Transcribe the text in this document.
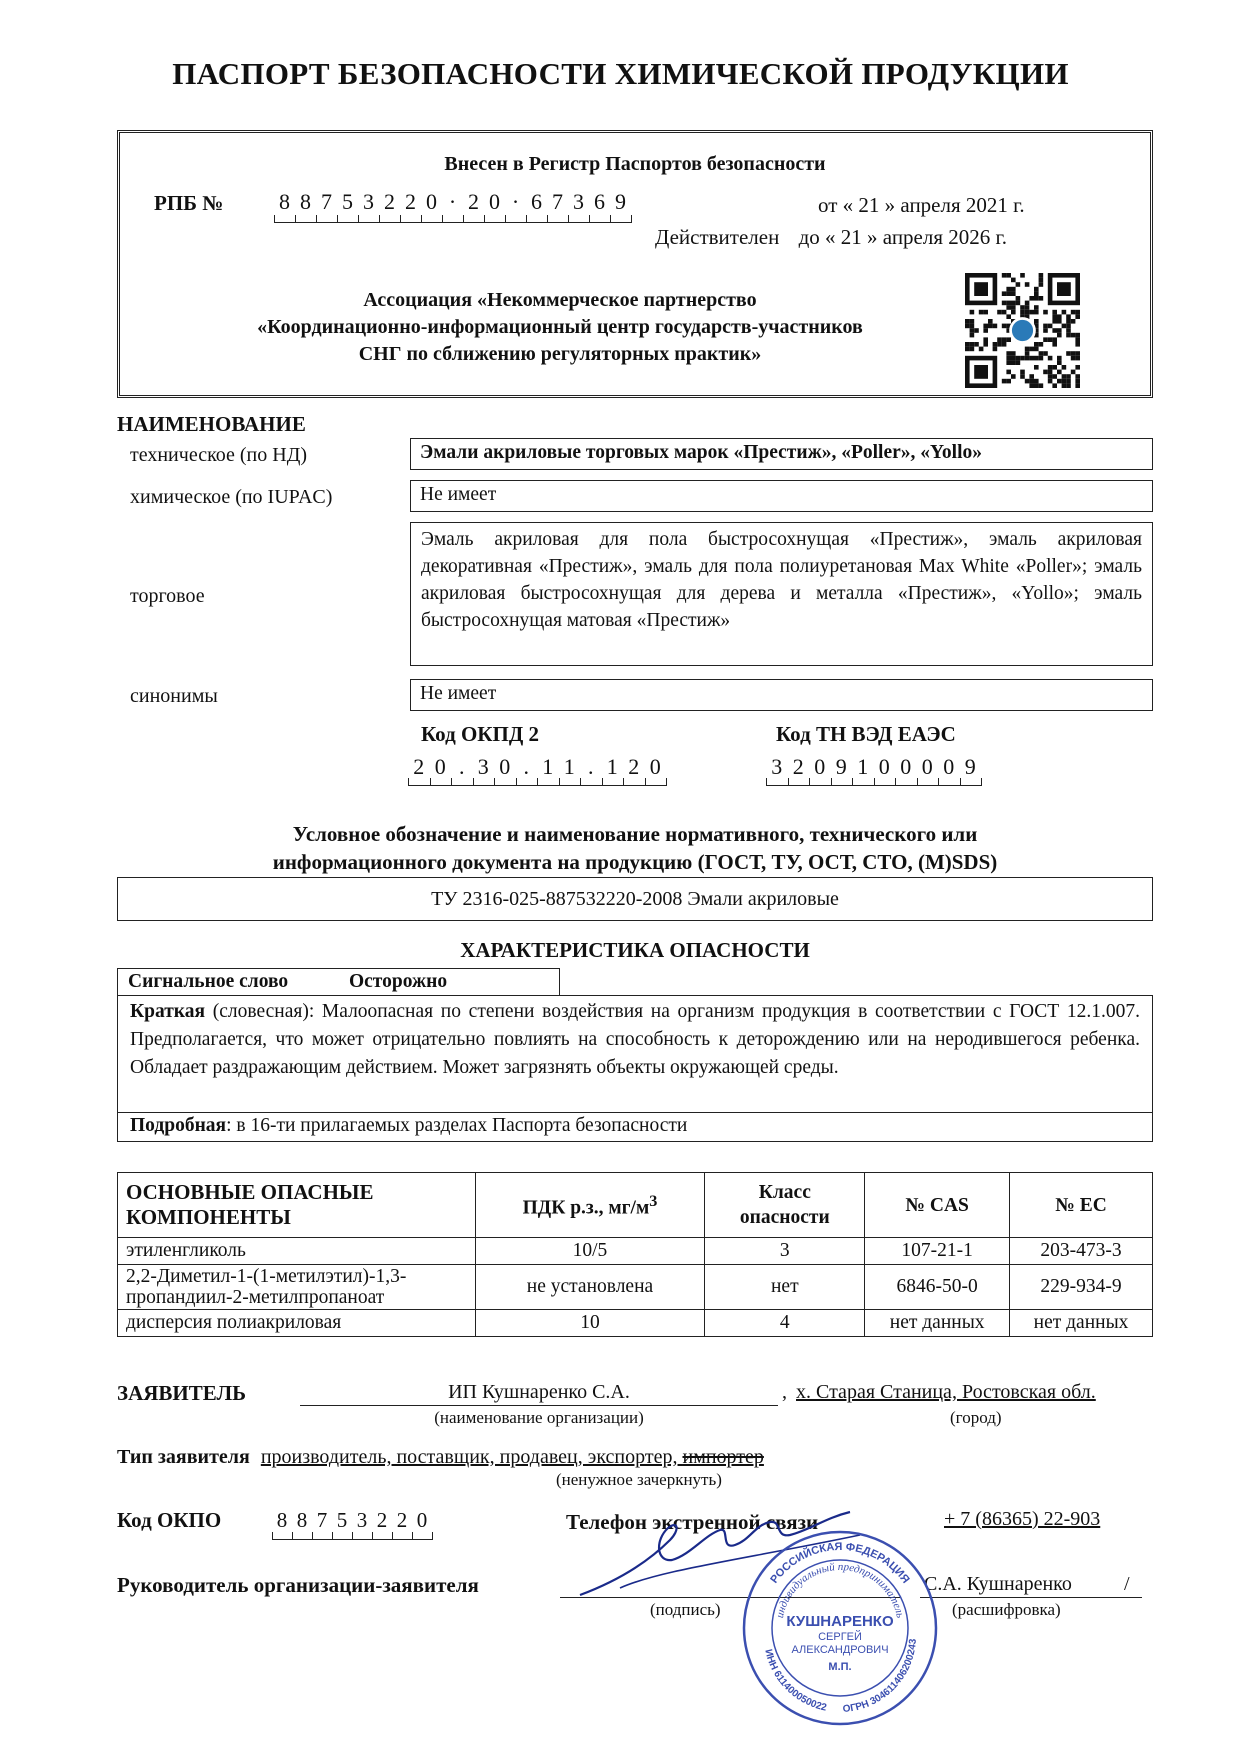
ПАСПОРТ БЕЗОПАСНОСТИ ХИМИЧЕСКОЙ ПРОДУКЦИИ
Внесен в Регистр Паспортов безопасности
РПБ №	8 8 7 5 3 2 2 0 · 2 0 · 6 7 3 6 9	от « 21 » апреля 2021 г.
Действителен до « 21 » апреля 2026 г.
Ассоциация «Некоммерческое партнерство
«Координационно-информационный центр государств-участников
СНГ по сближению регуляторных практик»
НАИМЕНОВАНИЕ
техническое (по НД)	Эмали акриловые торговых марок «Престиж», «Poller», «Yollo»
химическое (по IUPAC)	Не имеет
торговое
Эмаль акриловая для пола быстросохнущая «Престиж», эмаль акриловая декоративная «Престиж», эмаль для пола полиуретановая Max White «Poller»; эмаль акриловая быстросохнущая для дерева и металла «Престиж», «Yollo»; эмаль быстросохнущая матовая «Престиж»
синонимы	Не имеет
Код ОКПД 2	Код ТН ВЭД ЕАЭС
2 0 . 3 0 . 1 1 . 1 2 0	3 2 0 9 1 0 0 0 0 9
Условное обозначение и наименование нормативного, технического или
информационного документа на продукцию (ГОСТ, ТУ, ОСТ, СТО, (M)SDS)
ТУ 2316-025-887532220-2008 Эмали акриловые
ХАРАКТЕРИСТИКА ОПАСНОСТИ
Сигнальное слово	Осторожно
Краткая (словесная): Малоопасная по степени воздействия на организм продукция в соответствии с ГОСТ 12.1.007. Предполагается, что может отрицательно повлиять на способность к деторождению или на неродившегося ребенка. Обладает раздражающим действием. Может загрязнять объекты окружающей среды.
Подробная: в 16-ти прилагаемых разделах Паспорта безопасности
ОСНОВНЫЕ ОПАСНЫЕ КОМПОНЕНТЫ	ПДК р.з., $мг/м^3$	Класс опасности	№ CAS	№ ЕС
этиленгликоль	10/5	3	107-21-1	203-473-3
2,2-Диметил-1-(1-метилэтил)-1,3-пропандиил-2-метилпропаноат	не установлена	нет	6846-50-0	229-934-9
дисперсия полиакриловая	10	4	нет данных	нет данных
ЗАЯВИТЕЛЬ	ИП Кушнаренко С.А.	, х. Старая Станица, Ростовская обл.
(наименование организации)	(город)
Тип заявителя производитель, поставщик, продавец, экспортер, импортер
(ненужное зачеркнуть)
Код ОКПО	8 8 7 5 3 2 2 0	Телефон экстренной связи	+ 7 (86365) 22-903
Руководитель организации-заявителя
(подпись)
С.А. Кушнаренко	/
(расшифровка)
РОССИЙСКАЯ ФЕДЕРАЦИЯ
ИНН 611400050022 ОГРН 304611406200243
индивидуальный предприниматель
КУШНАРЕНКО
СЕРГЕЙ
АЛЕКСАНДРОВИЧ
М.П.
